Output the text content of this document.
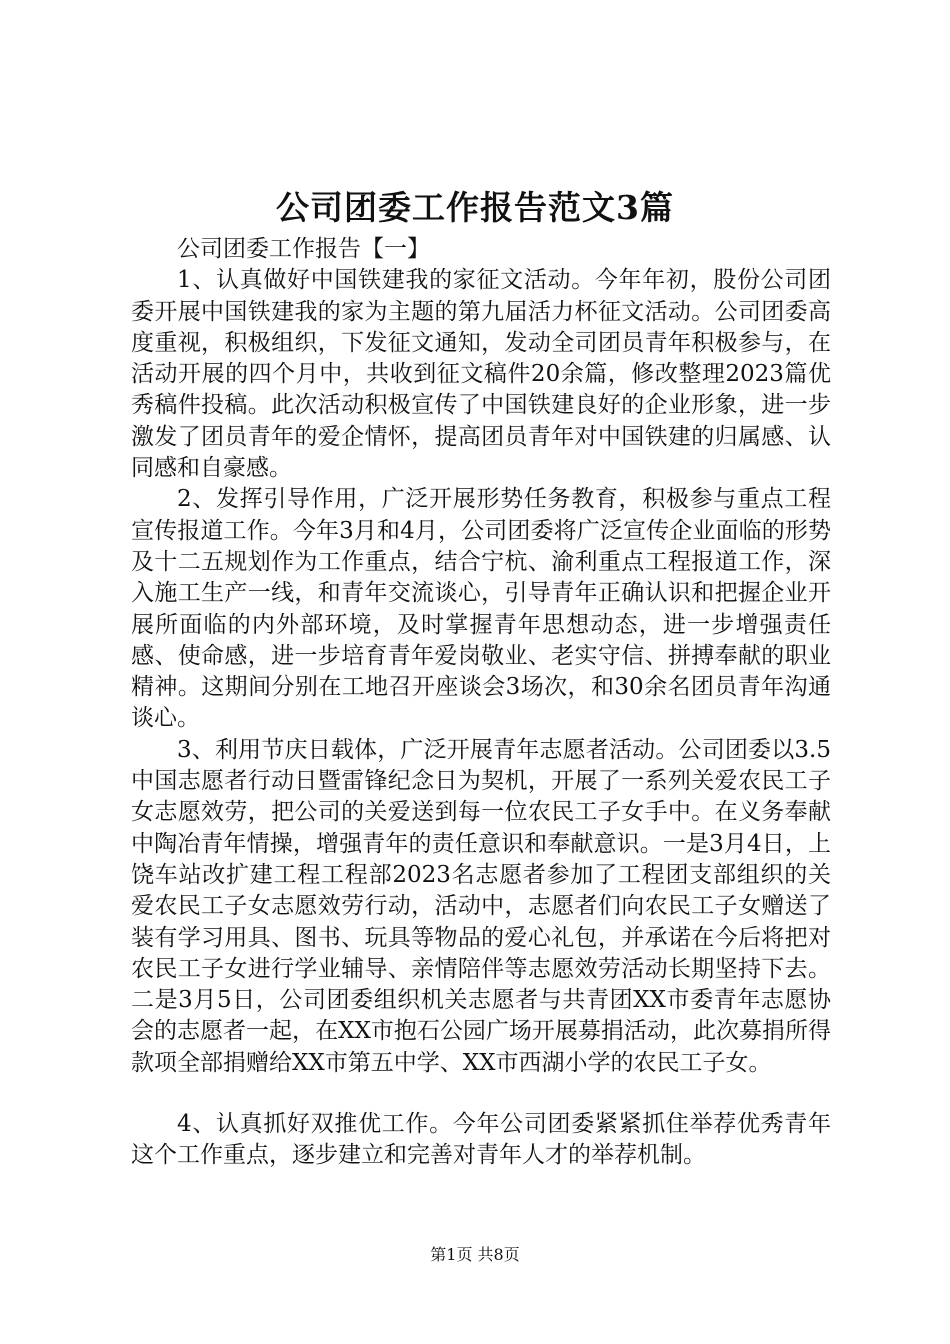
公司团委工作报告范文3篇

公司团委工作报告【一】

1、认真做好中国铁建我的家征文活动。今年年初，股份公司团委开展中国铁建我的家为主题的第九届活力杯征文活动。公司团委高度重视，积极组织，下发征文通知，发动全司团员青年积极参与，在活动开展的四个月中，共收到征文稿件20余篇，修改整理2023篇优秀稿件投稿。此次活动积极宣传了中国铁建良好的企业形象，进一步激发了团员青年的爱企情怀，提高团员青年对中国铁建的归属感、认同感和自豪感。

2、发挥引导作用，广泛开展形势任务教育，积极参与重点工程宣传报道工作。今年3月和4月，公司团委将广泛宣传企业面临的形势及十二五规划作为工作重点，结合宁杭、渝利重点工程报道工作，深入施工生产一线，和青年交流谈心，引导青年正确认识和把握企业开展所面临的内外部环境，及时掌握青年思想动态，进一步增强责任感、使命感，进一步培育青年爱岗敬业、老实守信、拼搏奉献的职业精神。这期间分别在工地召开座谈会3场次，和30余名团员青年沟通谈心。

3、利用节庆日载体，广泛开展青年志愿者活动。公司团委以3.5中国志愿者行动日暨雷锋纪念日为契机，开展了一系列关爱农民工子女志愿效劳，把公司的关爱送到每一位农民工子女手中。在义务奉献中陶冶青年情操，增强青年的责任意识和奉献意识。一是3月4日，上饶车站改扩建工程工程部2023名志愿者参加了工程团支部组织的关爱农民工子女志愿效劳行动，活动中，志愿者们向农民工子女赠送了装有学习用具、图书、玩具等物品的爱心礼包，并承诺在今后将把对农民工子女进行学业辅导、亲情陪伴等志愿效劳活动长期坚持下去。二是3月5日，公司团委组织机关志愿者与共青团XX市委青年志愿协会的志愿者一起，在XX市抱石公园广场开展募捐活动，此次募捐所得款项全部捐赠给XX市第五中学、XX市西湖小学的农民工子女。

4、认真抓好双推优工作。今年公司团委紧紧抓住举荐优秀青年这个工作重点，逐步建立和完善对青年人才的举荐机制。

第1页 共8页
